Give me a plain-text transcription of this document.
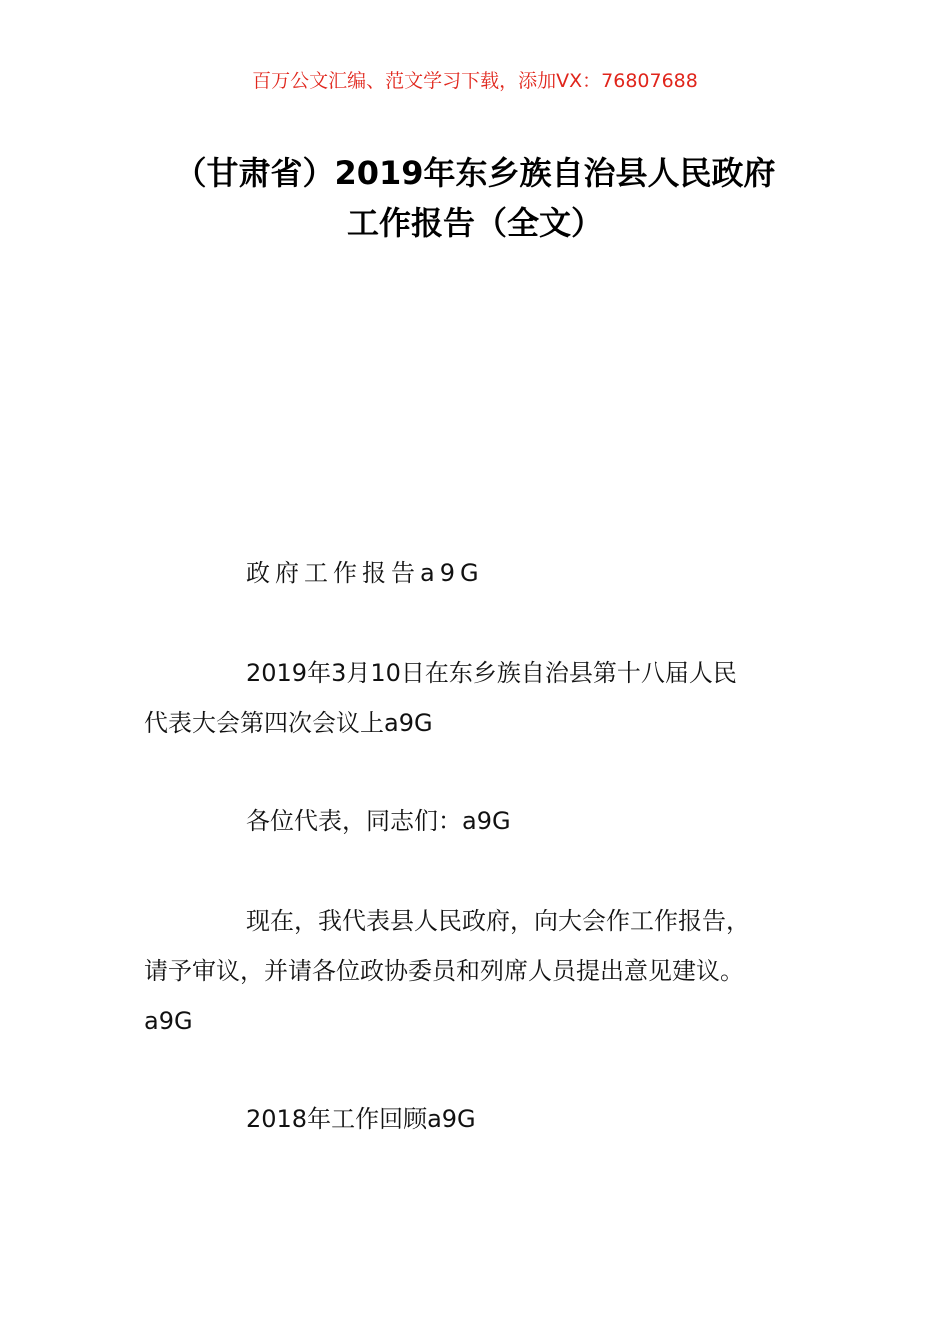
百万公文汇编、范文学习下载，添加VX：76807688
（甘肃省）2019年东乡族自治县人民政府
工作报告（全文）
政府工作报告a9G
2019年3月10日在东乡族自治县第十八届人民
代表大会第四次会议上a9G
各位代表，同志们：a9G
现在，我代表县人民政府，向大会作工作报告，
请予审议，并请各位政协委员和列席人员提出意见建议。
a9G
2018年工作回顾a9G
